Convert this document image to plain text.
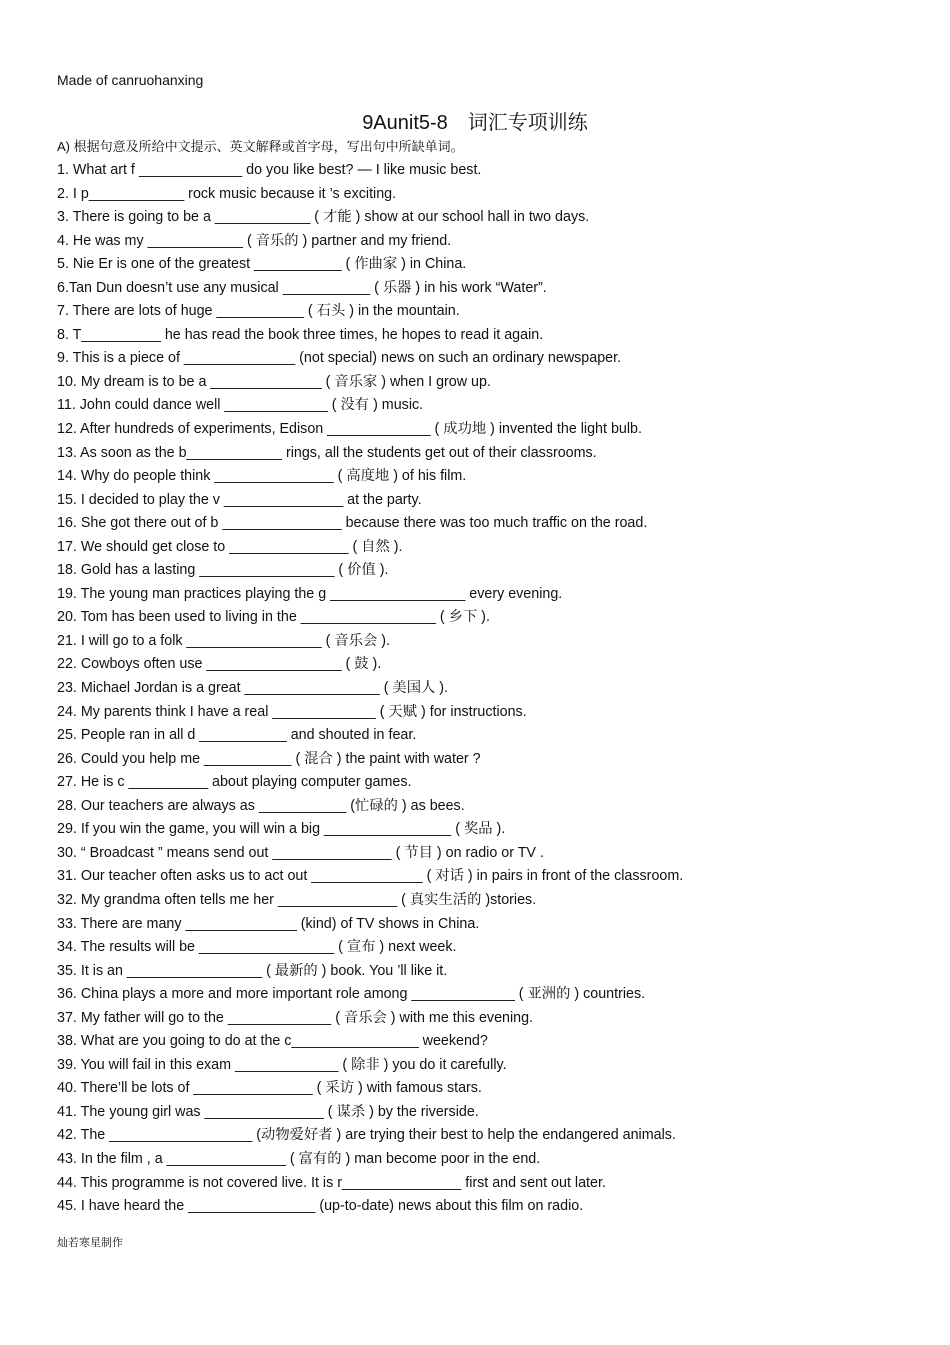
Made of canruohanxing
9Aunit5-8　词汇专项训练
A) 根据句意及所给中文提示、英文解释或首字母，写出句中所缺单词。
1. What art f _____________ do you like best? — I like music best.
2. I p____________ rock music because it ’s exciting.
3. There is going to be a ____________ ( 才能 ) show at our school hall in two days.
4. He was my ____________ ( 音乐的 ) partner and my friend.
5. Nie Er is one of the greatest ___________ ( 作曲家 ) in China.
6.Tan Dun doesn’t use any musical ___________ ( 乐器 ) in his work “Water”.
7. There are lots of huge ___________ ( 石头 ) in the mountain.
8. T__________ he has read the book three times, he hopes to read it again.
9. This is a piece of ______________ (not special) news on such an ordinary newspaper.
10. My dream is to be a ______________ ( 音乐家 ) when I grow up.
11. John could dance well _____________ ( 没有 ) music.
12. After hundreds of experiments, Edison _____________ ( 成功地 ) invented the light bulb.
13. As soon as the b____________ rings, all the students get out of their classrooms.
14. Why do people think _______________ ( 高度地 ) of his film.
15. I decided to play the v _______________ at the party.
16. She got there out of b _______________ because there was too much traffic on the road.
17. We should get close to _______________ ( 自然 ).
18. Gold has a lasting _________________ ( 价值 ).
19. The young man practices playing the g _________________ every evening.
20. Tom has been used to living in the _________________ ( 乡下 ).
21. I will go to a folk _________________ ( 音乐会 ).
22. Cowboys often use _________________ ( 鼓 ).
23. Michael Jordan is a great _________________ ( 美国人 ).
24. My parents think I have a real _____________ ( 天赋 ) for instructions.
25. People ran in all d ___________ and shouted in fear.
26. Could you help me ___________ ( 混合 ) the paint with water ?
27. He is c __________ about playing computer games.
28. Our teachers are always as ___________ (忙碌的 ) as bees.
29. If you win the game, you will win a big ________________ ( 奖品 ).
30. “ Broadcast ” means send out _______________ ( 节目 ) on radio or TV .
31. Our teacher often asks us to act out ______________ ( 对话 ) in pairs in front of the classroom.
32. My grandma often tells me her _______________ ( 真实生活的 )stories.
33. There are many ______________ (kind) of TV shows in China.
34. The results will be _________________ ( 宣布 ) next week.
35. It is an _________________ ( 最新的 ) book. You ’ll like it.
36. China plays a more and more important role among _____________ ( 亚洲的 ) countries.
37. My father will go to the _____________ ( 音乐会 ) with me this evening.
38. What are you going to do at the c________________ weekend?
39. You will fail in this exam _____________ ( 除非 ) you do it carefully.
40. There’ll be lots of _______________ ( 采访 ) with famous stars.
41. The young girl was _______________ ( 谋杀 ) by the riverside.
42. The __________________ (动物爱好者 ) are trying their best to help the endangered animals.
43. In the film , a _______________ ( 富有的 ) man become poor in the end.
44. This programme is not covered live. It is r_______________ first and sent out later.
45. I have heard the ________________ (up-to-date) news about this film on radio.
灿若寒星制作
